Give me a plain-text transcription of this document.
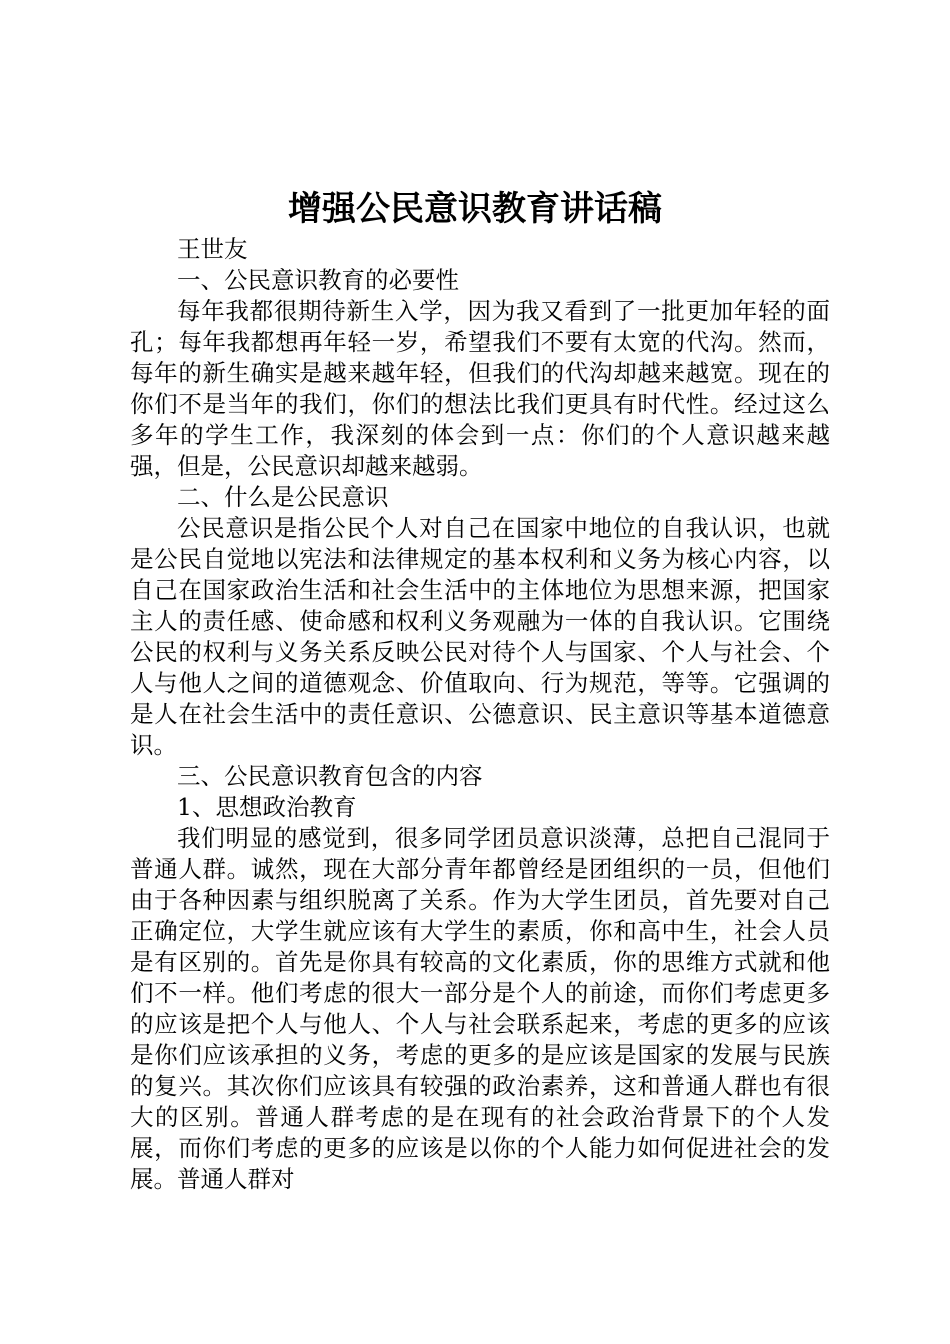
增强公民意识教育讲话稿

王世友

一、公民意识教育的必要性

每年我都很期待新生入学，因为我又看到了一批更加年轻的面孔；每年我都想再年轻一岁，希望我们不要有太宽的代沟。然而，每年的新生确实是越来越年轻，但我们的代沟却越来越宽。现在的你们不是当年的我们，你们的想法比我们更具有时代性。经过这么多年的学生工作，我深刻的体会到一点：你们的个人意识越来越强，但是，公民意识却越来越弱。

二、什么是公民意识

公民意识是指公民个人对自己在国家中地位的自我认识，也就是公民自觉地以宪法和法律规定的基本权利和义务为核心内容，以自己在国家政治生活和社会生活中的主体地位为思想来源，把国家主人的责任感、使命感和权利义务观融为一体的自我认识。它围绕公民的权利与义务关系反映公民对待个人与国家、个人与社会、个人与他人之间的道德观念、价值取向、行为规范，等等。它强调的是人在社会生活中的责任意识、公德意识、民主意识等基本道德意识。

三、公民意识教育包含的内容

1、思想政治教育

我们明显的感觉到，很多同学团员意识淡薄，总把自己混同于普通人群。诚然，现在大部分青年都曾经是团组织的一员，但他们由于各种因素与组织脱离了关系。作为大学生团员，首先要对自己正确定位，大学生就应该有大学生的素质，你和高中生，社会人员是有区别的。首先是你具有较高的文化素质，你的思维方式就和他们不一样。他们考虑的很大一部分是个人的前途，而你们考虑更多的应该是把个人与他人、个人与社会联系起来，考虑的更多的应该是你们应该承担的义务，考虑的更多的是应该是国家的发展与民族的复兴。其次你们应该具有较强的政治素养，这和普通人群也有很大的区别。普通人群考虑的是在现有的社会政治背景下的个人发展，而你们考虑的更多的应该是以你的个人能力如何促进社会的发展。普通人群对
